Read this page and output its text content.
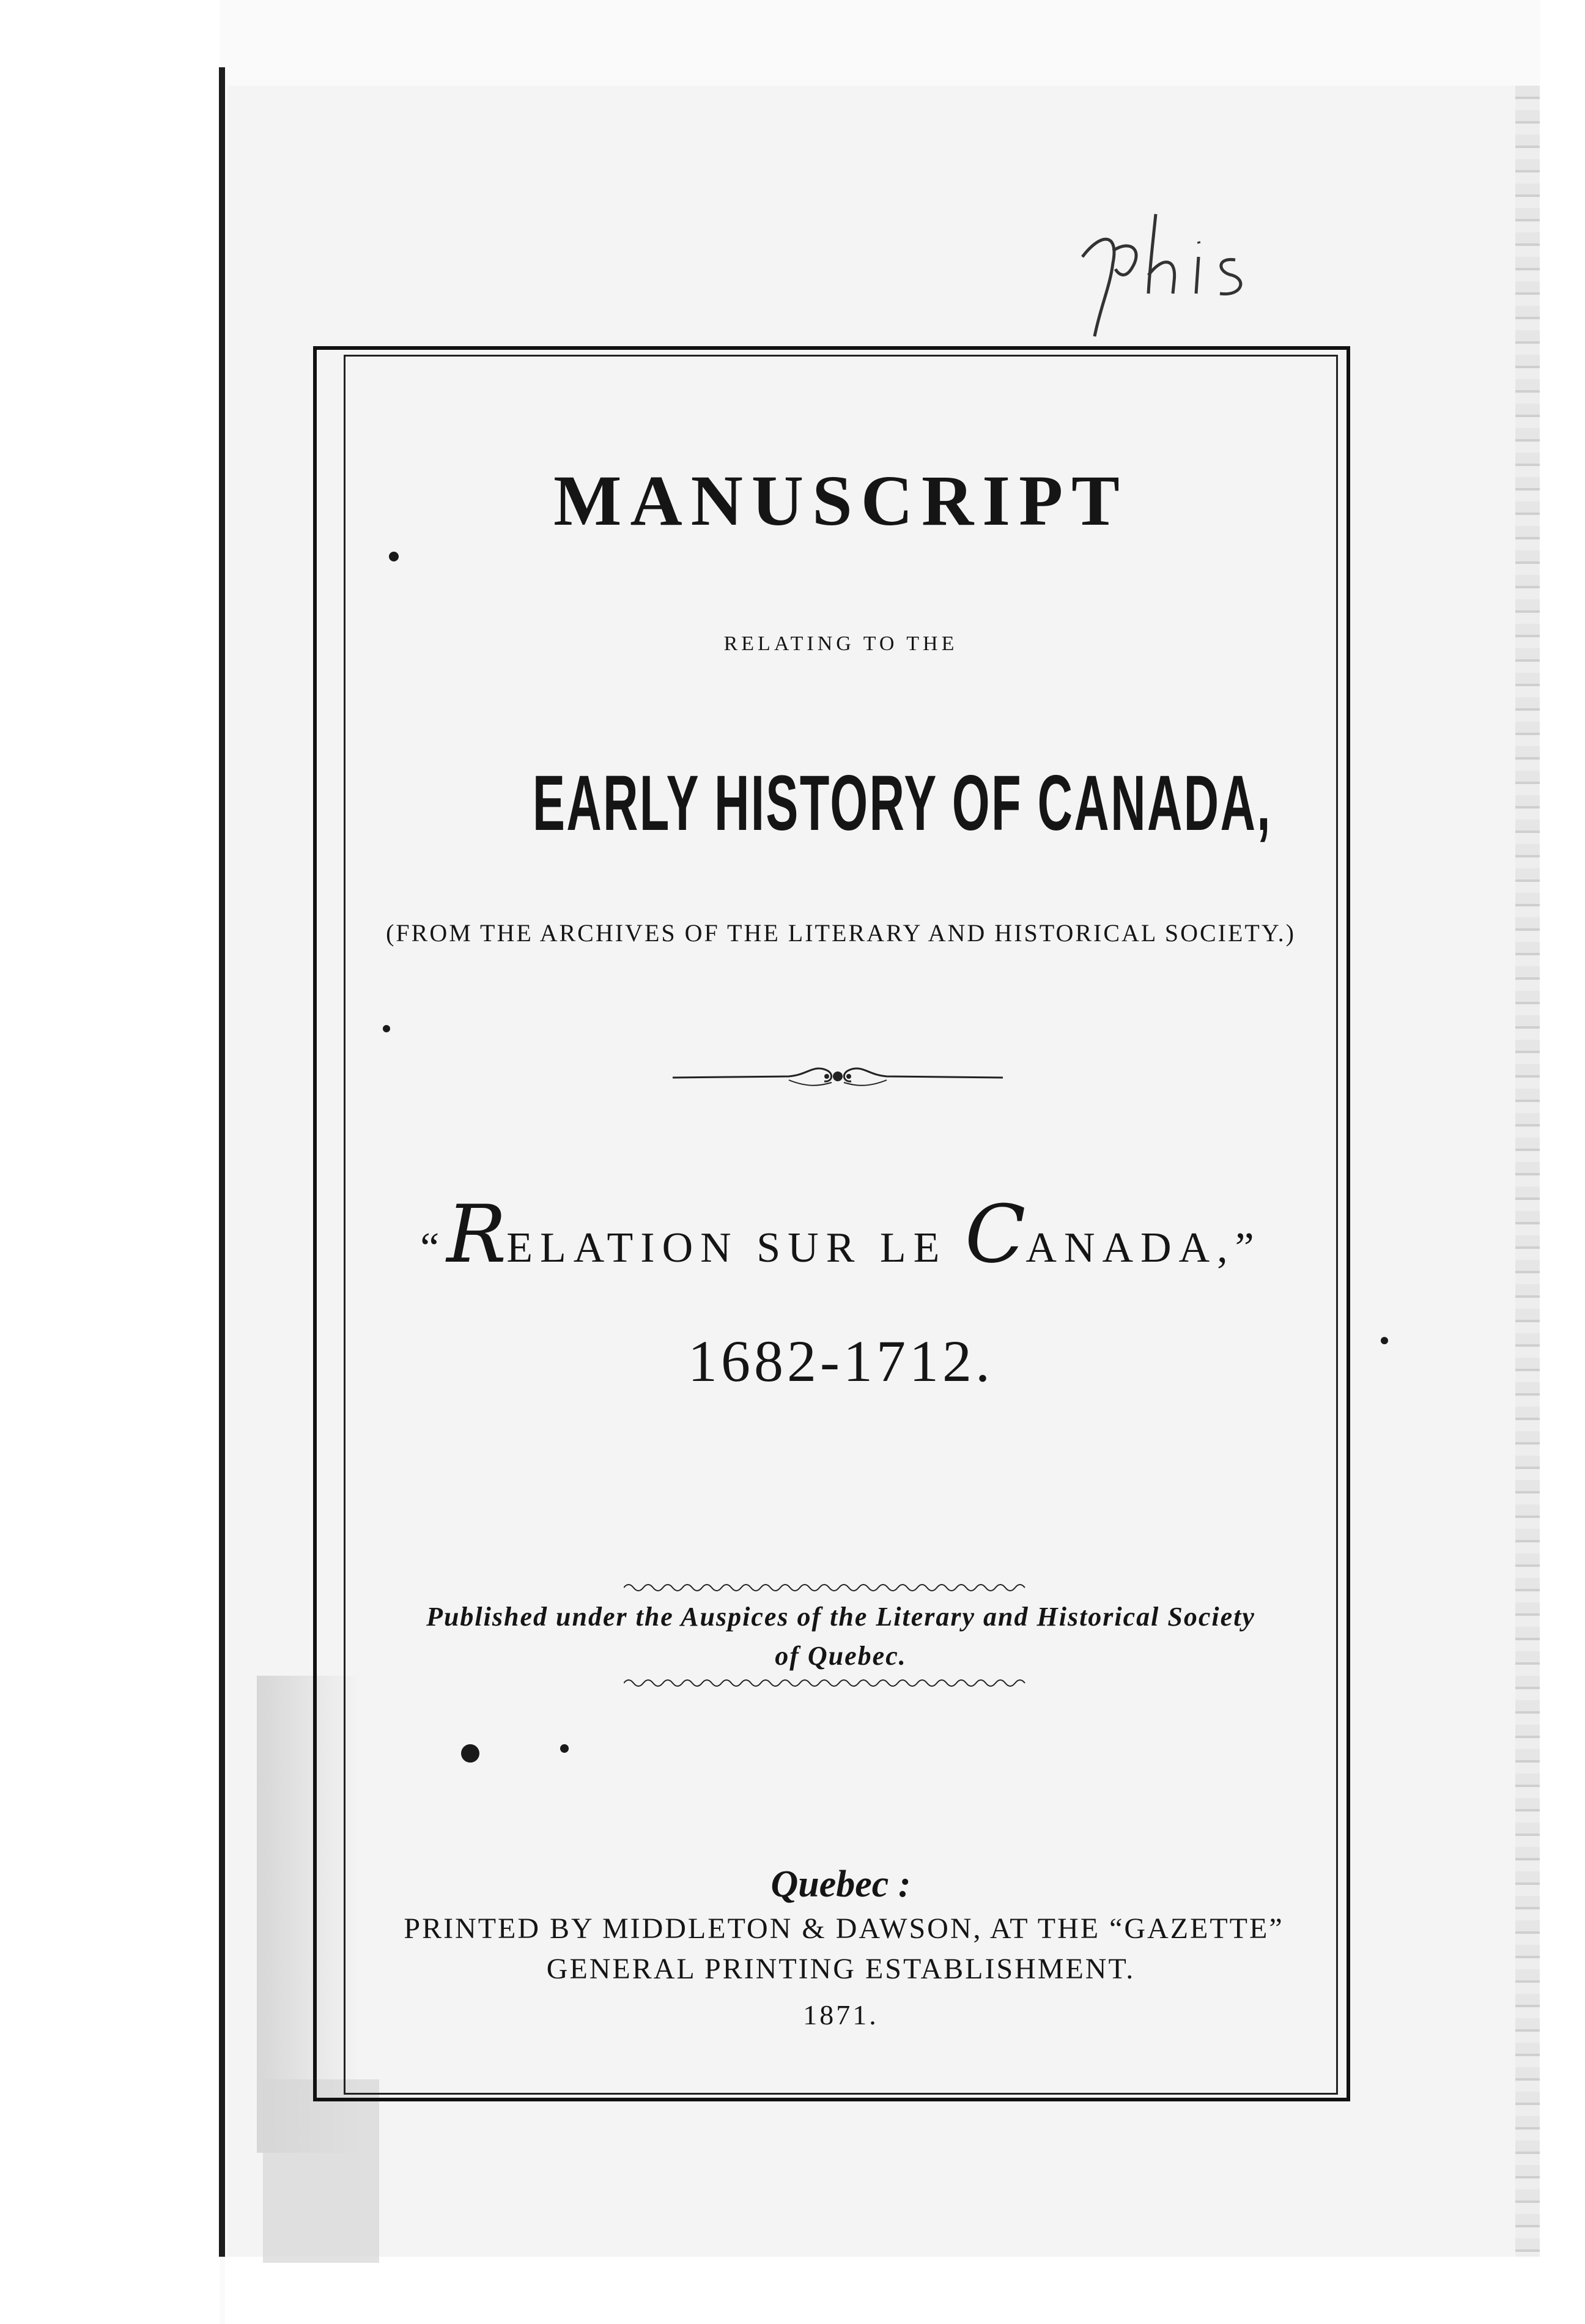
MANUSCRIPT
RELATING TO THE
EARLY HISTORY OF CANADA,
(FROM THE ARCHIVES OF THE LITERARY AND HISTORICAL SOCIETY.)
“RELATION SUR LE CANADA,”
1682-1712.
Published under the Auspices of the Literary and Historical Society
of Quebec.
Quebec :
PRINTED BY MIDDLETON & DAWSON, AT THE “GAZETTE”
GENERAL PRINTING ESTABLISHMENT.
1871.
